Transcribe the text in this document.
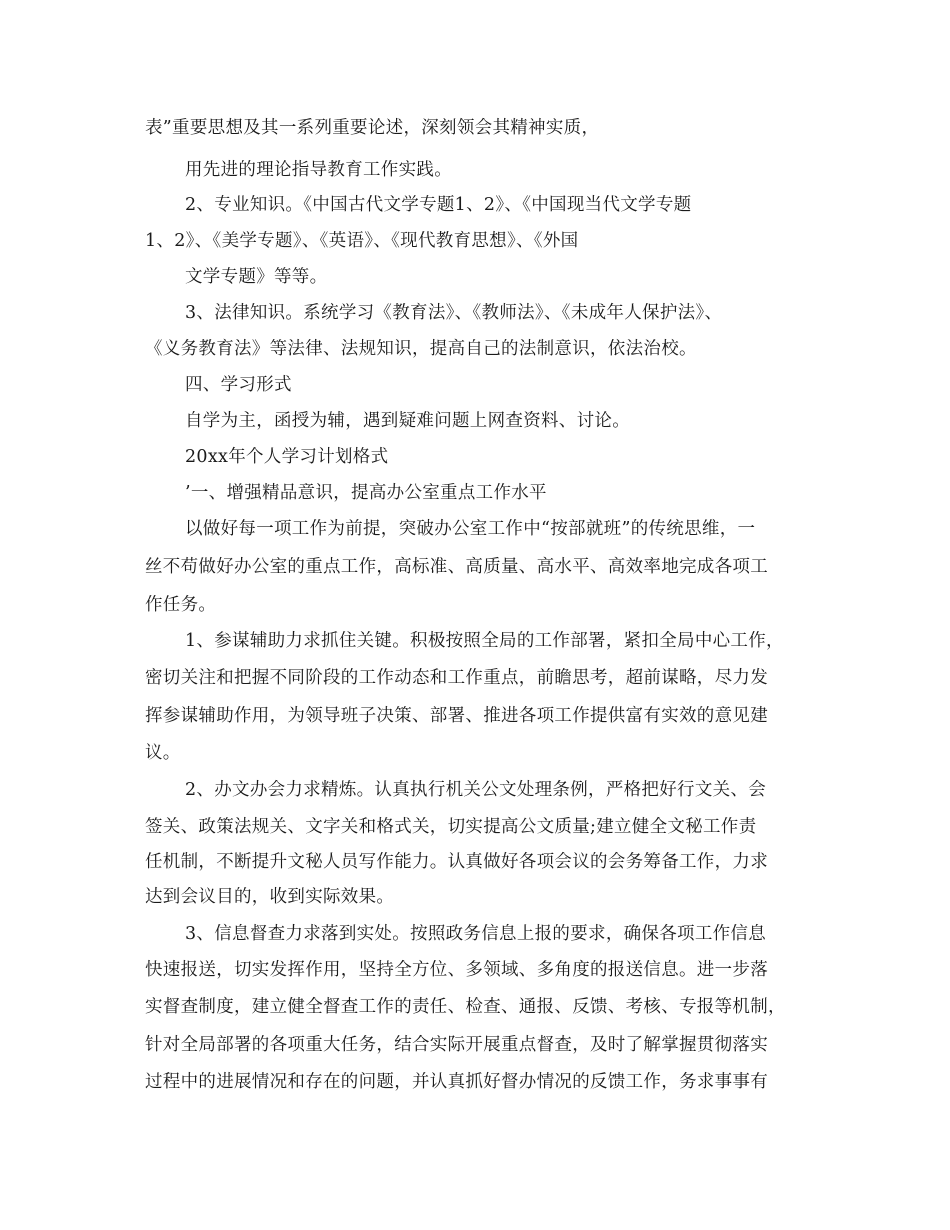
表”重要思想及其一系列重要论述，深刻领会其精神实质，
用先进的理论指导教育工作实践。
2、专业知识。《中国古代文学专题1、2》、《中国现当代文学专题
1、2》、《美学专题》、《英语》、《现代教育思想》、《外国
文学专题》等等。
3、法律知识。系统学习《教育法》、《教师法》、《未成年人保护法》、
《义务教育法》等法律、法规知识，提高自己的法制意识，依法治校。
四、学习形式
自学为主，函授为辅，遇到疑难问题上网查资料、讨论。
20xx年个人学习计划格式
’一、增强精品意识，提高办公室重点工作水平
以做好每一项工作为前提，突破办公室工作中“按部就班”的传统思维，一
丝不苟做好办公室的重点工作，高标准、高质量、高水平、高效率地完成各项工
作任务。
1、参谋辅助力求抓住关键。积极按照全局的工作部署，紧扣全局中心工作，
密切关注和把握不同阶段的工作动态和工作重点，前瞻思考，超前谋略，尽力发
挥参谋辅助作用，为领导班子决策、部署、推进各项工作提供富有实效的意见建
议。
2、办文办会力求精炼。认真执行机关公文处理条例，严格把好行文关、会
签关、政策法规关、文字关和格式关，切实提高公文质量;建立健全文秘工作责
任机制，不断提升文秘人员写作能力。认真做好各项会议的会务筹备工作，力求
达到会议目的，收到实际效果。
3、信息督查力求落到实处。按照政务信息上报的要求，确保各项工作信息
快速报送，切实发挥作用，坚持全方位、多领域、多角度的报送信息。进一步落
实督查制度，建立健全督查工作的责任、检查、通报、反馈、考核、专报等机制，
针对全局部署的各项重大任务，结合实际开展重点督查，及时了解掌握贯彻落实
过程中的进展情况和存在的问题，并认真抓好督办情况的反馈工作，务求事事有
